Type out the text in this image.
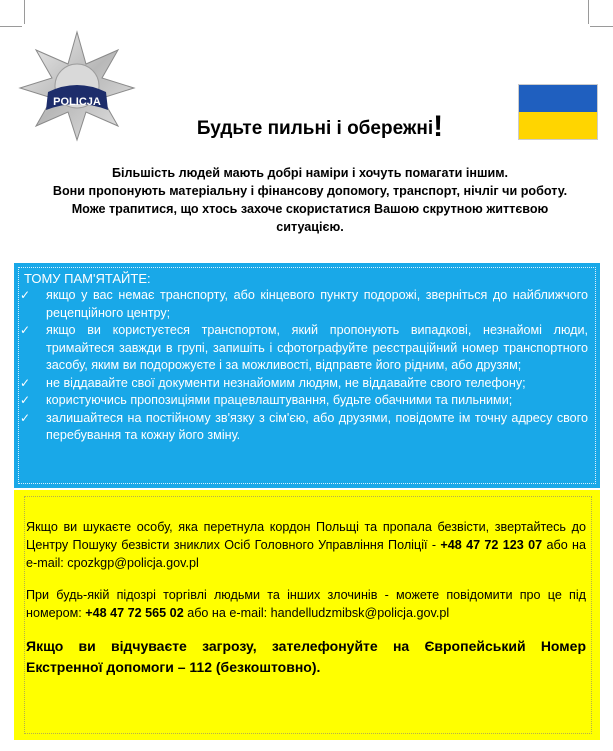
POLICJA
Будьте пильні і обережні!

Більшість людей мають добрі наміри і хочуть помагати іншим.

Вони пропонують матеріальну і фінансову допомогу, транспорт, нічліг чи роботу.

Може трапитися, що хтось захоче скористатися Вашою скрутною життєвою

ситуацією.

ТОМУ ПАМ'ЯТАЙТЕ:
✓	якщо у вас немає транспорту, або кінцевого пункту подорожі, зверніться до найближчого рецепційного центру;
✓	якщо ви користуєтеся транспортом, який пропонують випадкові, незнайомі люди, тримайтеся завжди в групі, запишіть і сфотографуйте реєстраційний номер транспортного засобу, яким ви подорожуєте і за можливості, відправте його рідним, або друзям;
✓	не віддавайте свої документи незнайомим людям, не віддавайте свого телефону;
✓	користуючись пропозиціями працевлаштування, будьте обачними та пильними;
✓	залишайтеся на постійному зв'язку з сім'єю, або друзями, повідомте ім точну адресу свого перебування та кожну його зміну.

Якщо ви шукаєте особу, яка перетнула кордон Польщі та пропала безвісти, звертайтесь до Центру Пошуку безвісти зниклих Осіб Головного Управління Поліції - +48 47 72 123 07 або на e-mail: cpozkgp@policja.gov.pl

При будь-якій підозрі торгівлі людьми та інших злочинів - можете повідомити про це під номером: +48 47 72 565 02 або на e-mail: handelludzmibsk@policja.gov.pl

Якщо ви відчуваєте загрозу, зателефонуйте на Європейський Номер Екстренної допомоги – 112 (безкоштовно).
